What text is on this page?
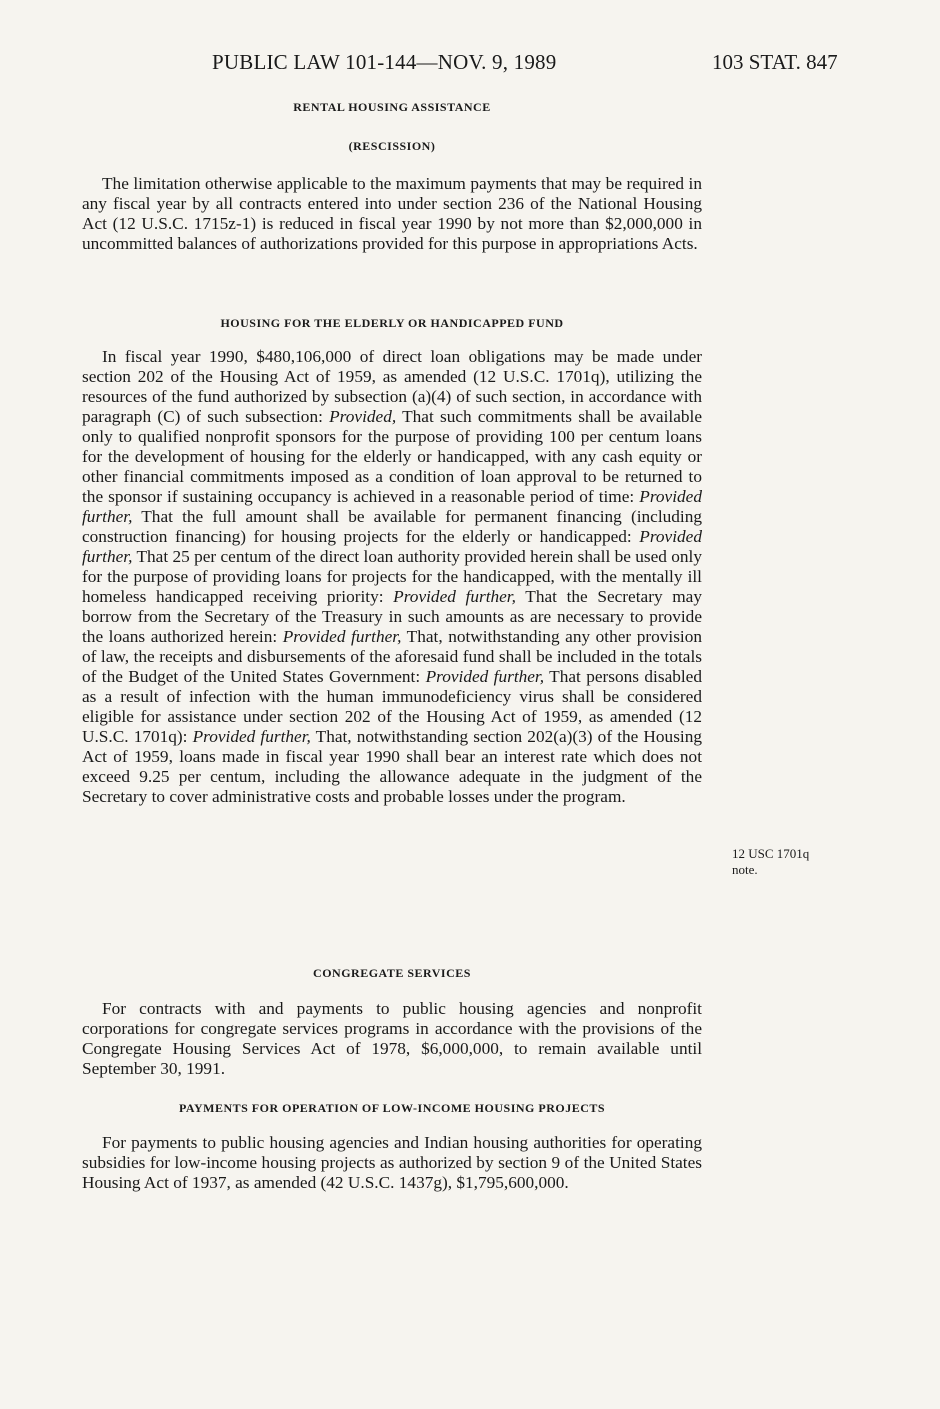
PUBLIC LAW 101-144—NOV. 9, 1989	103 STAT. 847
RENTAL HOUSING ASSISTANCE
(RESCISSION)

The limitation otherwise applicable to the maximum payments that may be required in any fiscal year by all contracts entered into under section 236 of the National Housing Act (12 U.S.C. 1715z-1) is reduced in fiscal year 1990 by not more than $2,000,000 in uncommitted balances of authorizations provided for this purpose in appropriations Acts.

HOUSING FOR THE ELDERLY OR HANDICAPPED FUND

In fiscal year 1990, $480,106,000 of direct loan obligations may be made under section 202 of the Housing Act of 1959, as amended (12 U.S.C. 1701q), utilizing the resources of the fund authorized by subsection (a)(4) of such section, in accordance with paragraph (C) of such subsection: Provided, That such commitments shall be available only to qualified nonprofit sponsors for the purpose of providing 100 per centum loans for the development of housing for the elderly or handicapped, with any cash equity or other financial commitments imposed as a condition of loan approval to be returned to the sponsor if sustaining occupancy is achieved in a reasonable period of time: Provided further, That the full amount shall be available for permanent financing (including construction financing) for housing projects for the elderly or handicapped: Provided further, That 25 per centum of the direct loan authority provided herein shall be used only for the purpose of providing loans for projects for the handicapped, with the mentally ill homeless handicapped receiving priority: Provided further, That the Secretary may borrow from the Secretary of the Treasury in such amounts as are necessary to provide the loans authorized herein: Provided further, That, notwithstanding any other provision of law, the receipts and disbursements of the aforesaid fund shall be included in the totals of the Budget of the United States Government: Provided further, That persons disabled as a result of infection with the human immunodeficiency virus shall be considered eligible for assistance under section 202 of the Housing Act of 1959, as amended (12 U.S.C. 1701q): Provided further, That, notwithstanding section 202(a)(3) of the Housing Act of 1959, loans made in fiscal year 1990 shall bear an interest rate which does not exceed 9.25 per centum, including the allowance adequate in the judgment of the Secretary to cover administrative costs and probable losses under the program.

12 USC 1701q
note.
CONGREGATE SERVICES

For contracts with and payments to public housing agencies and nonprofit corporations for congregate services programs in accordance with the provisions of the Congregate Housing Services Act of 1978, $6,000,000, to remain available until September 30, 1991.

PAYMENTS FOR OPERATION OF LOW-INCOME HOUSING PROJECTS

For payments to public housing agencies and Indian housing authorities for operating subsidies for low-income housing projects as authorized by section 9 of the United States Housing Act of 1937, as amended (42 U.S.C. 1437g), $1,795,600,000.
